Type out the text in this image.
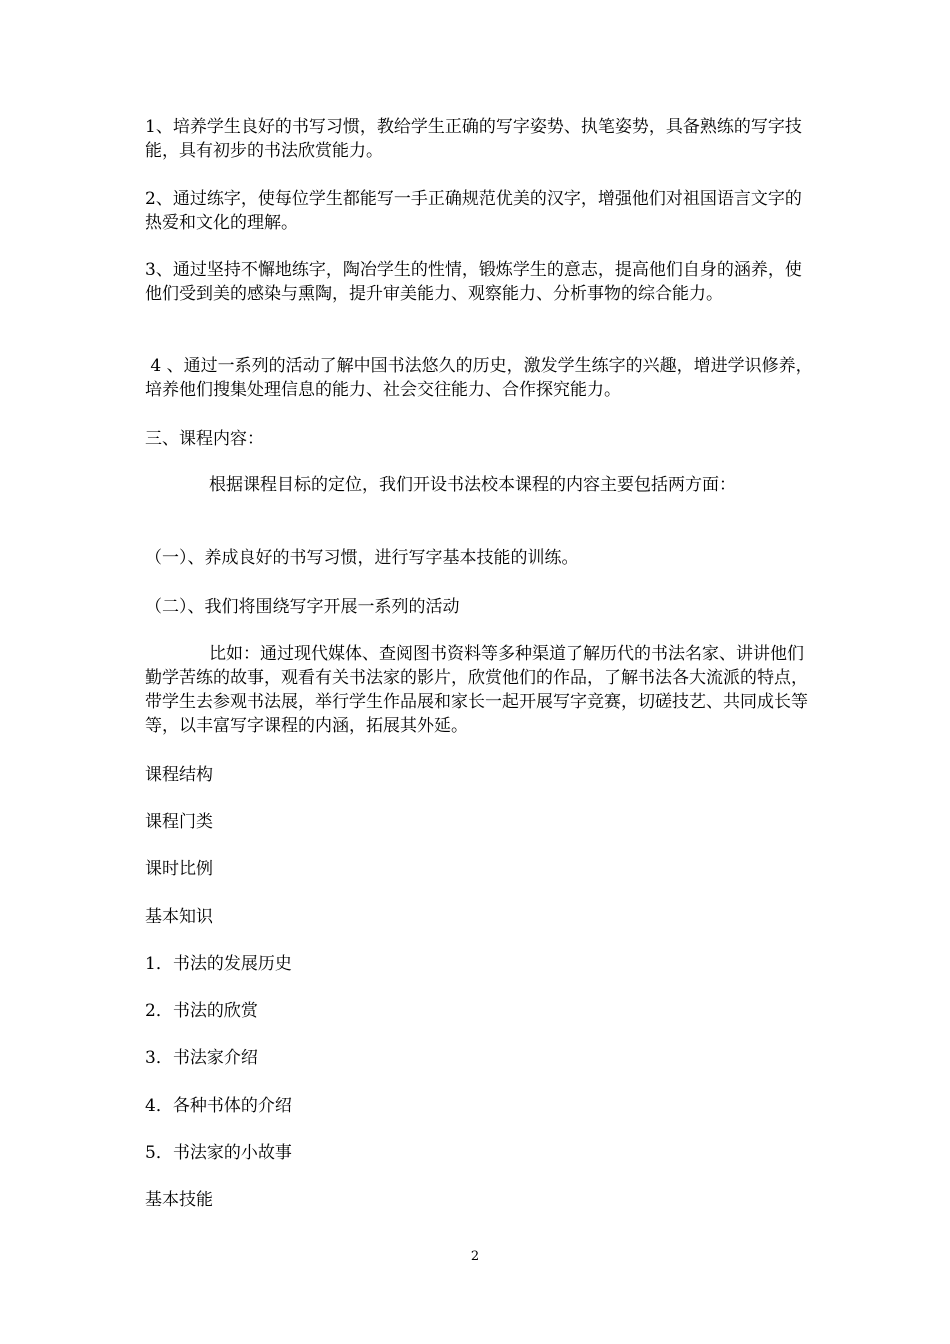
1、培养学生良好的书写习惯，教给学生正确的写字姿势、执笔姿势，具备熟练的写字技能，具有初步的书法欣赏能力。

2、通过练字，使每位学生都能写一手正确规范优美的汉字，增强他们对祖国语言文字的热爱和文化的理解。

3、通过坚持不懈地练字，陶冶学生的性情，锻炼学生的意志，提高他们自身的涵养，使他们受到美的感染与熏陶，提升审美能力、观察能力、分析事物的综合能力。

4 、通过一系列的活动了解中国书法悠久的历史，激发学生练字的兴趣，增进学识修养，培养他们搜集处理信息的能力、社会交往能力、合作探究能力。

三、课程内容：

根据课程目标的定位，我们开设书法校本课程的内容主要包括两方面：

（一）、养成良好的书写习惯，进行写字基本技能的训练。

（二）、我们将围绕写字开展一系列的活动

比如：通过现代媒体、查阅图书资料等多种渠道了解历代的书法名家、讲讲他们勤学苦练的故事，观看有关书法家的影片，欣赏他们的作品，了解书法各大流派的特点，带学生去参观书法展，举行学生作品展和家长一起开展写字竞赛，切磋技艺、共同成长等等，以丰富写字课程的内涵，拓展其外延。

课程结构

课程门类

课时比例

基本知识

1．书法的发展历史

2．书法的欣赏

3．书法家介绍

4．各种书体的介绍

5．书法家的小故事

基本技能

2
